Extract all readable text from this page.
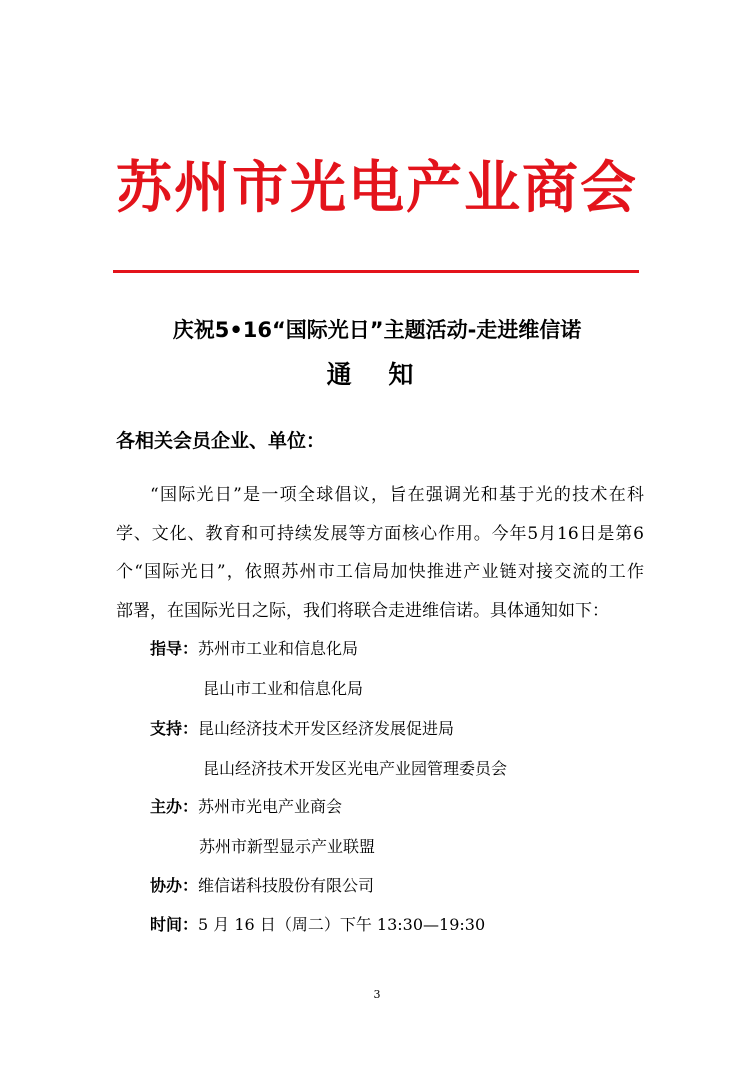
苏州市光电产业商会
庆祝5•16“国际光日”主题活动-走进维信诺
通 知
各相关会员企业、单位：
“国际光日”是一项全球倡议，旨在强调光和基于光的技术在科
学、文化、教育和可持续发展等方面核心作用。今年5月16日是第6
个“国际光日”，依照苏州市工信局加快推进产业链对接交流的工作
部署，在国际光日之际，我们将联合走进维信诺。具体通知如下：
指导：苏州市工业和信息化局
昆山市工业和信息化局
支持：昆山经济技术开发区经济发展促进局
昆山经济技术开发区光电产业园管理委员会
主办：苏州市光电产业商会
苏州市新型显示产业联盟
协办：维信诺科技股份有限公司
时间：5 月 16 日（周二）下午 13:30—19:30
3
